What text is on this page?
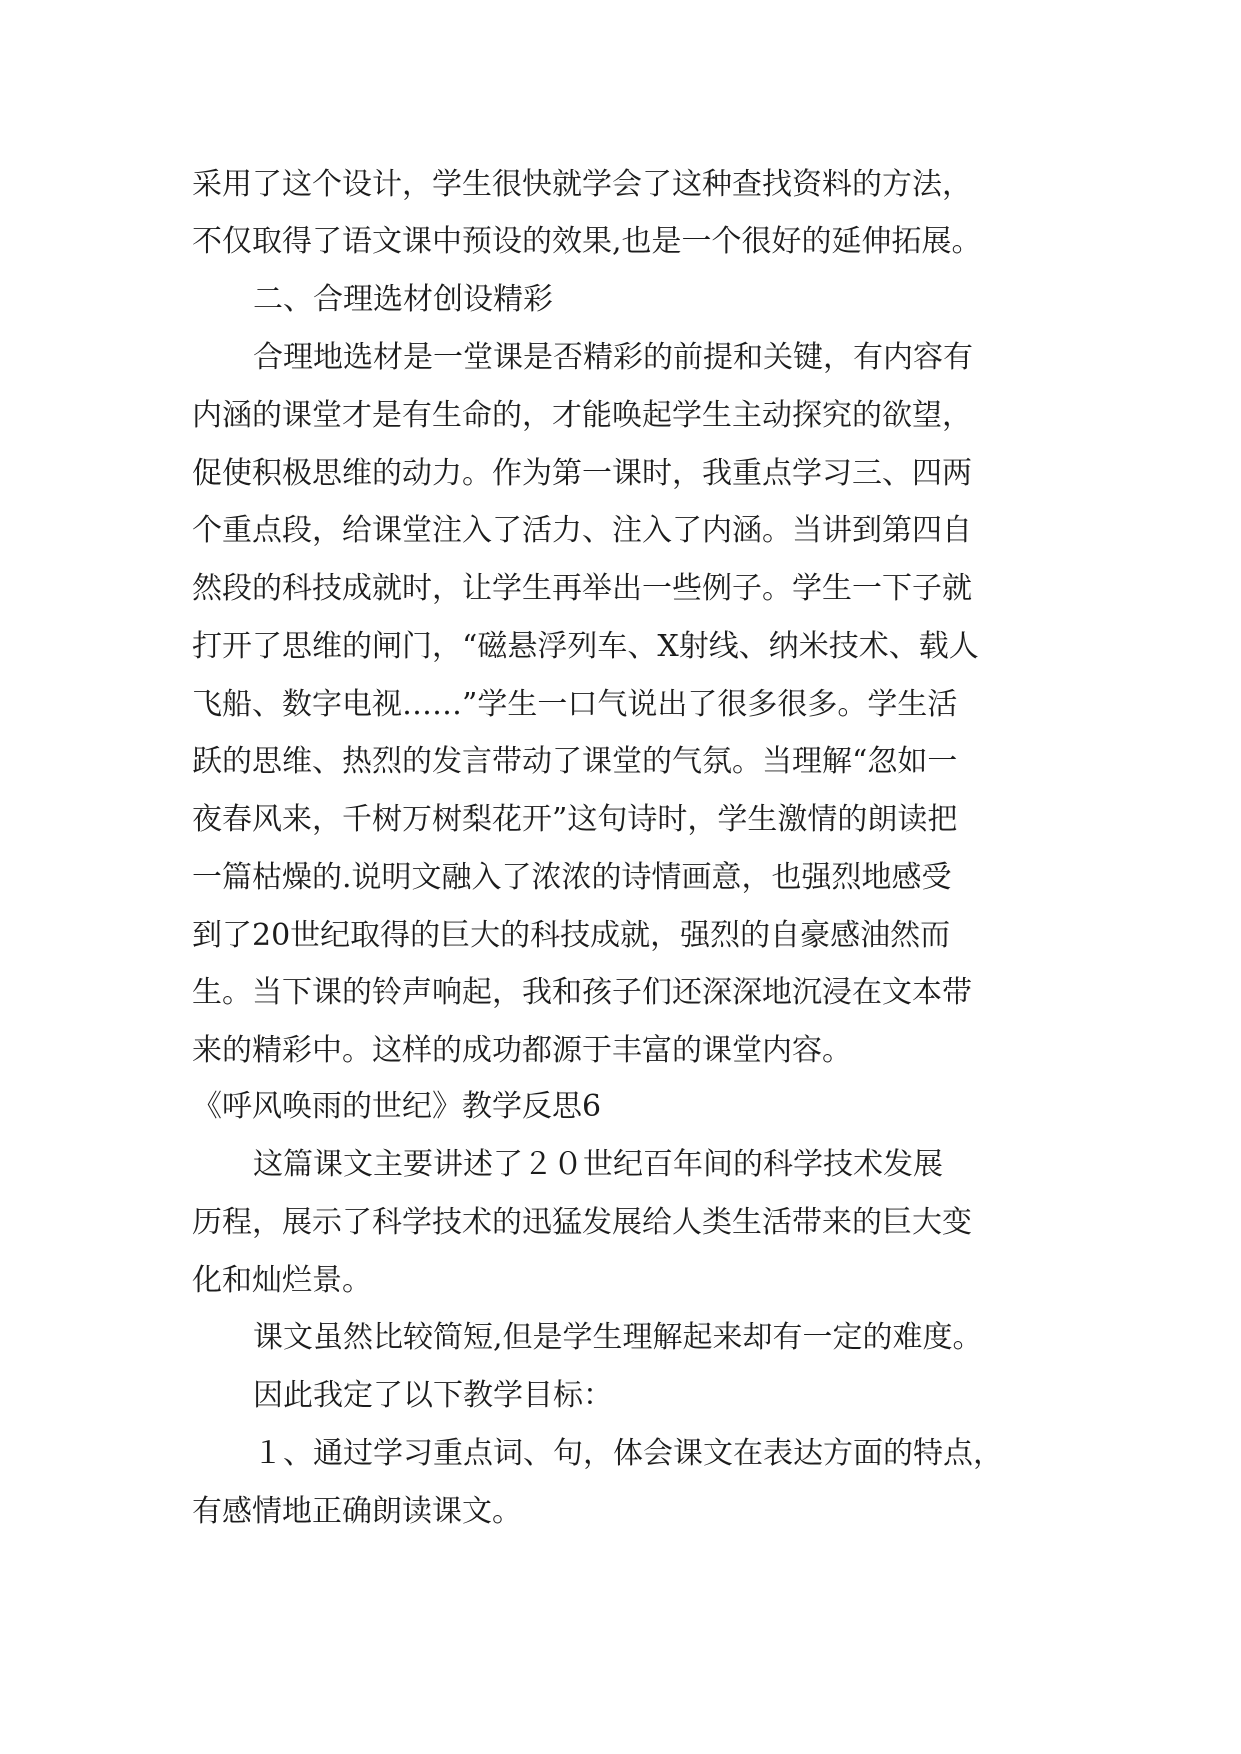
采用了这个设计，学生很快就学会了这种查找资料的方法，
不仅取得了语文课中预设的效果,也是一个很好的延伸拓展。
二、合理选材创设精彩
合理地选材是一堂课是否精彩的前提和关键，有内容有
内涵的课堂才是有生命的，才能唤起学生主动探究的欲望，
促使积极思维的动力。作为第一课时，我重点学习三、四两
个重点段，给课堂注入了活力、注入了内涵。当讲到第四自
然段的科技成就时，让学生再举出一些例子。学生一下子就
打开了思维的闸门，“磁悬浮列车、X射线、纳米技术、载人
飞船、数字电视……”学生一口气说出了很多很多。学生活
跃的思维、热烈的发言带动了课堂的气氛。当理解“忽如一
夜春风来，千树万树梨花开”这句诗时，学生激情的朗读把
一篇枯燥的.说明文融入了浓浓的诗情画意，也强烈地感受
到了20世纪取得的巨大的科技成就，强烈的自豪感油然而
生。当下课的铃声响起，我和孩子们还深深地沉浸在文本带
来的精彩中。这样的成功都源于丰富的课堂内容。
《呼风唤雨的世纪》教学反思6
这篇课文主要讲述了２０世纪百年间的科学技术发展
历程，展示了科学技术的迅猛发展给人类生活带来的巨大变
化和灿烂景。
课文虽然比较简短,但是学生理解起来却有一定的难度。
因此我定了以下教学目标：
１、通过学习重点词、句，体会课文在表达方面的特点，
有感情地正确朗读课文。
